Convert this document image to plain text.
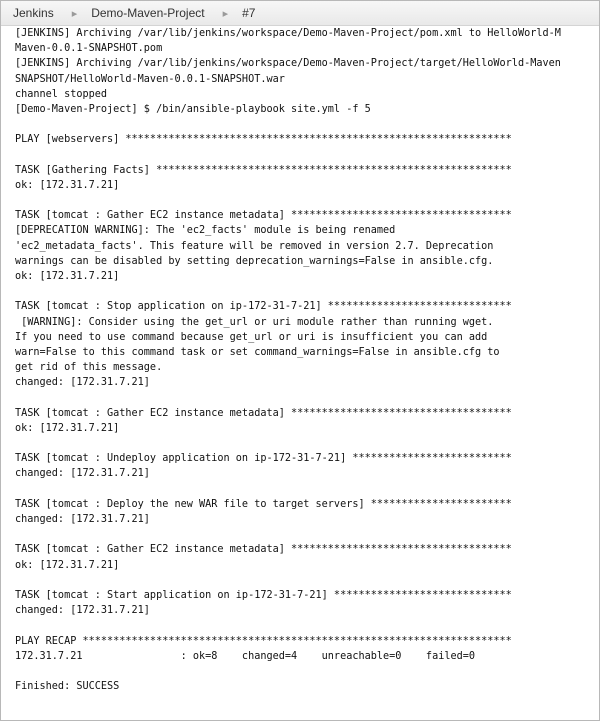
Jenkins	▸	Demo-Maven-Project	▸	#7
[JENKINS] Archiving /var/lib/jenkins/workspace/Demo-Maven-Project/pom.xml to HelloWorld-M
Maven-0.0.1-SNAPSHOT.pom
[JENKINS] Archiving /var/lib/jenkins/workspace/Demo-Maven-Project/target/HelloWorld-Maven
SNAPSHOT/HelloWorld-Maven-0.0.1-SNAPSHOT.war
channel stopped
[Demo-Maven-Project] $ /bin/ansible-playbook site.yml -f 5
PLAY [webservers] ***************************************************************
TASK [Gathering Facts] **********************************************************
ok: [172.31.7.21]
TASK [tomcat : Gather EC2 instance metadata] ************************************
[DEPRECATION WARNING]: The 'ec2_facts' module is being renamed
'ec2_metadata_facts'. This feature will be removed in version 2.7. Deprecation
warnings can be disabled by setting deprecation_warnings=False in ansible.cfg.
ok: [172.31.7.21]
TASK [tomcat : Stop application on ip-172-31-7-21] ******************************
[WARNING]: Consider using the get_url or uri module rather than running wget.
If you need to use command because get_url or uri is insufficient you can add
warn=False to this command task or set command_warnings=False in ansible.cfg to
get rid of this message.
changed: [172.31.7.21]
TASK [tomcat : Gather EC2 instance metadata] ************************************
ok: [172.31.7.21]
TASK [tomcat : Undeploy application on ip-172-31-7-21] **************************
changed: [172.31.7.21]
TASK [tomcat : Deploy the new WAR file to target servers] ***********************
changed: [172.31.7.21]
TASK [tomcat : Gather EC2 instance metadata] ************************************
ok: [172.31.7.21]
TASK [tomcat : Start application on ip-172-31-7-21] *****************************
changed: [172.31.7.21]
PLAY RECAP **********************************************************************
172.31.7.21                : ok=8    changed=4    unreachable=0    failed=0
Finished: SUCCESS
